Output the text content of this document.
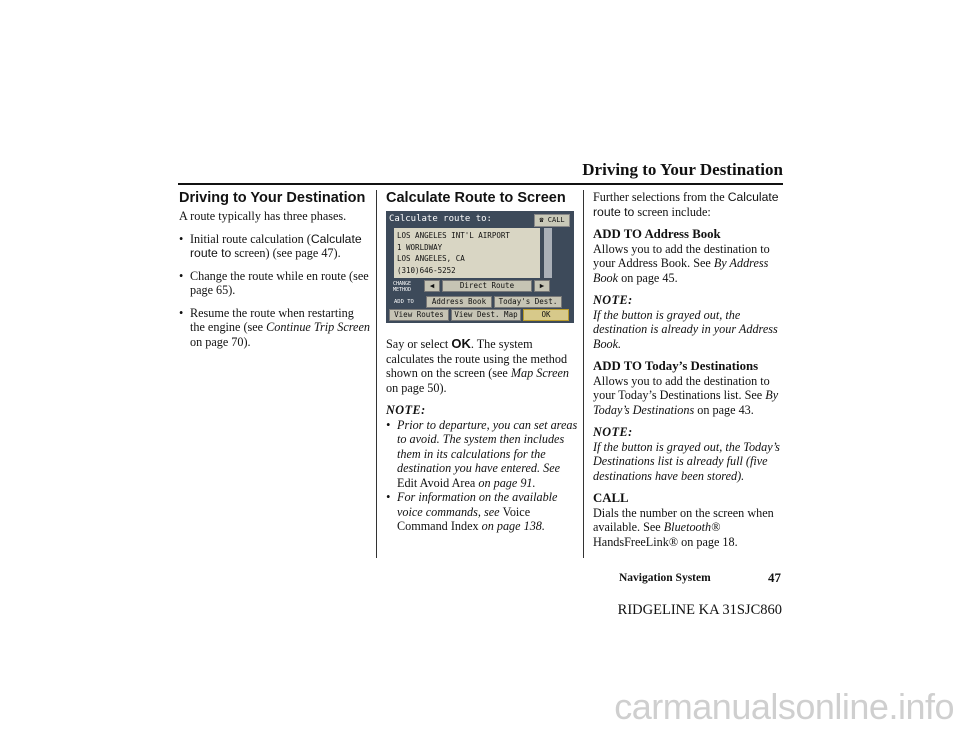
Driving to Your Destination
Driving to Your Destination

A route typically has three phases.

• Initial route calculation (Calculate route to screen) (see page 47).
• Change the route while en route (see page 65).
• Resume the route when restarting the engine (see Continue Trip Screen on page 70).
Calculate Route to Screen
Calculate route to:	☎ CALL
LOS ANGELES INT'L AIRPORT
1 WORLDWAY
LOS ANGELES, CA
(310)646-5252
CHANGE
METHOD	◀	Direct Route	▶
ADD TO	Address Book	Today's Dest.
View Routes	View Dest. Map	OK

Say or select OK. The system calculates the route using the method shown on the screen (see Map Screen on page 50).

NOTE:
• Prior to departure, you can set areas to avoid. The system then includes them in its calculations for the destination you have entered. See Edit Avoid Area on page 91.
• For information on the available voice commands, see Voice Command Index on page 138.

Further selections from the Calculate route to screen include:

ADD TO Address Book

Allows you to add the destination to your Address Book. See By Address Book on page 45.

NOTE:

If the button is grayed out, the destination is already in your Address Book.

ADD TO Today’s Destinations

Allows you to add the destination to your Today’s Destinations list. See By Today’s Destinations on page 43.

NOTE:

If the button is grayed out, the Today’s Destinations list is already full (five destinations have been stored).

CALL

Dials the number on the screen when available. See Bluetooth® HandsFreeLink® on page 18.

Navigation System	47
RIDGELINE KA 31SJC860
carmanualsonline.info
